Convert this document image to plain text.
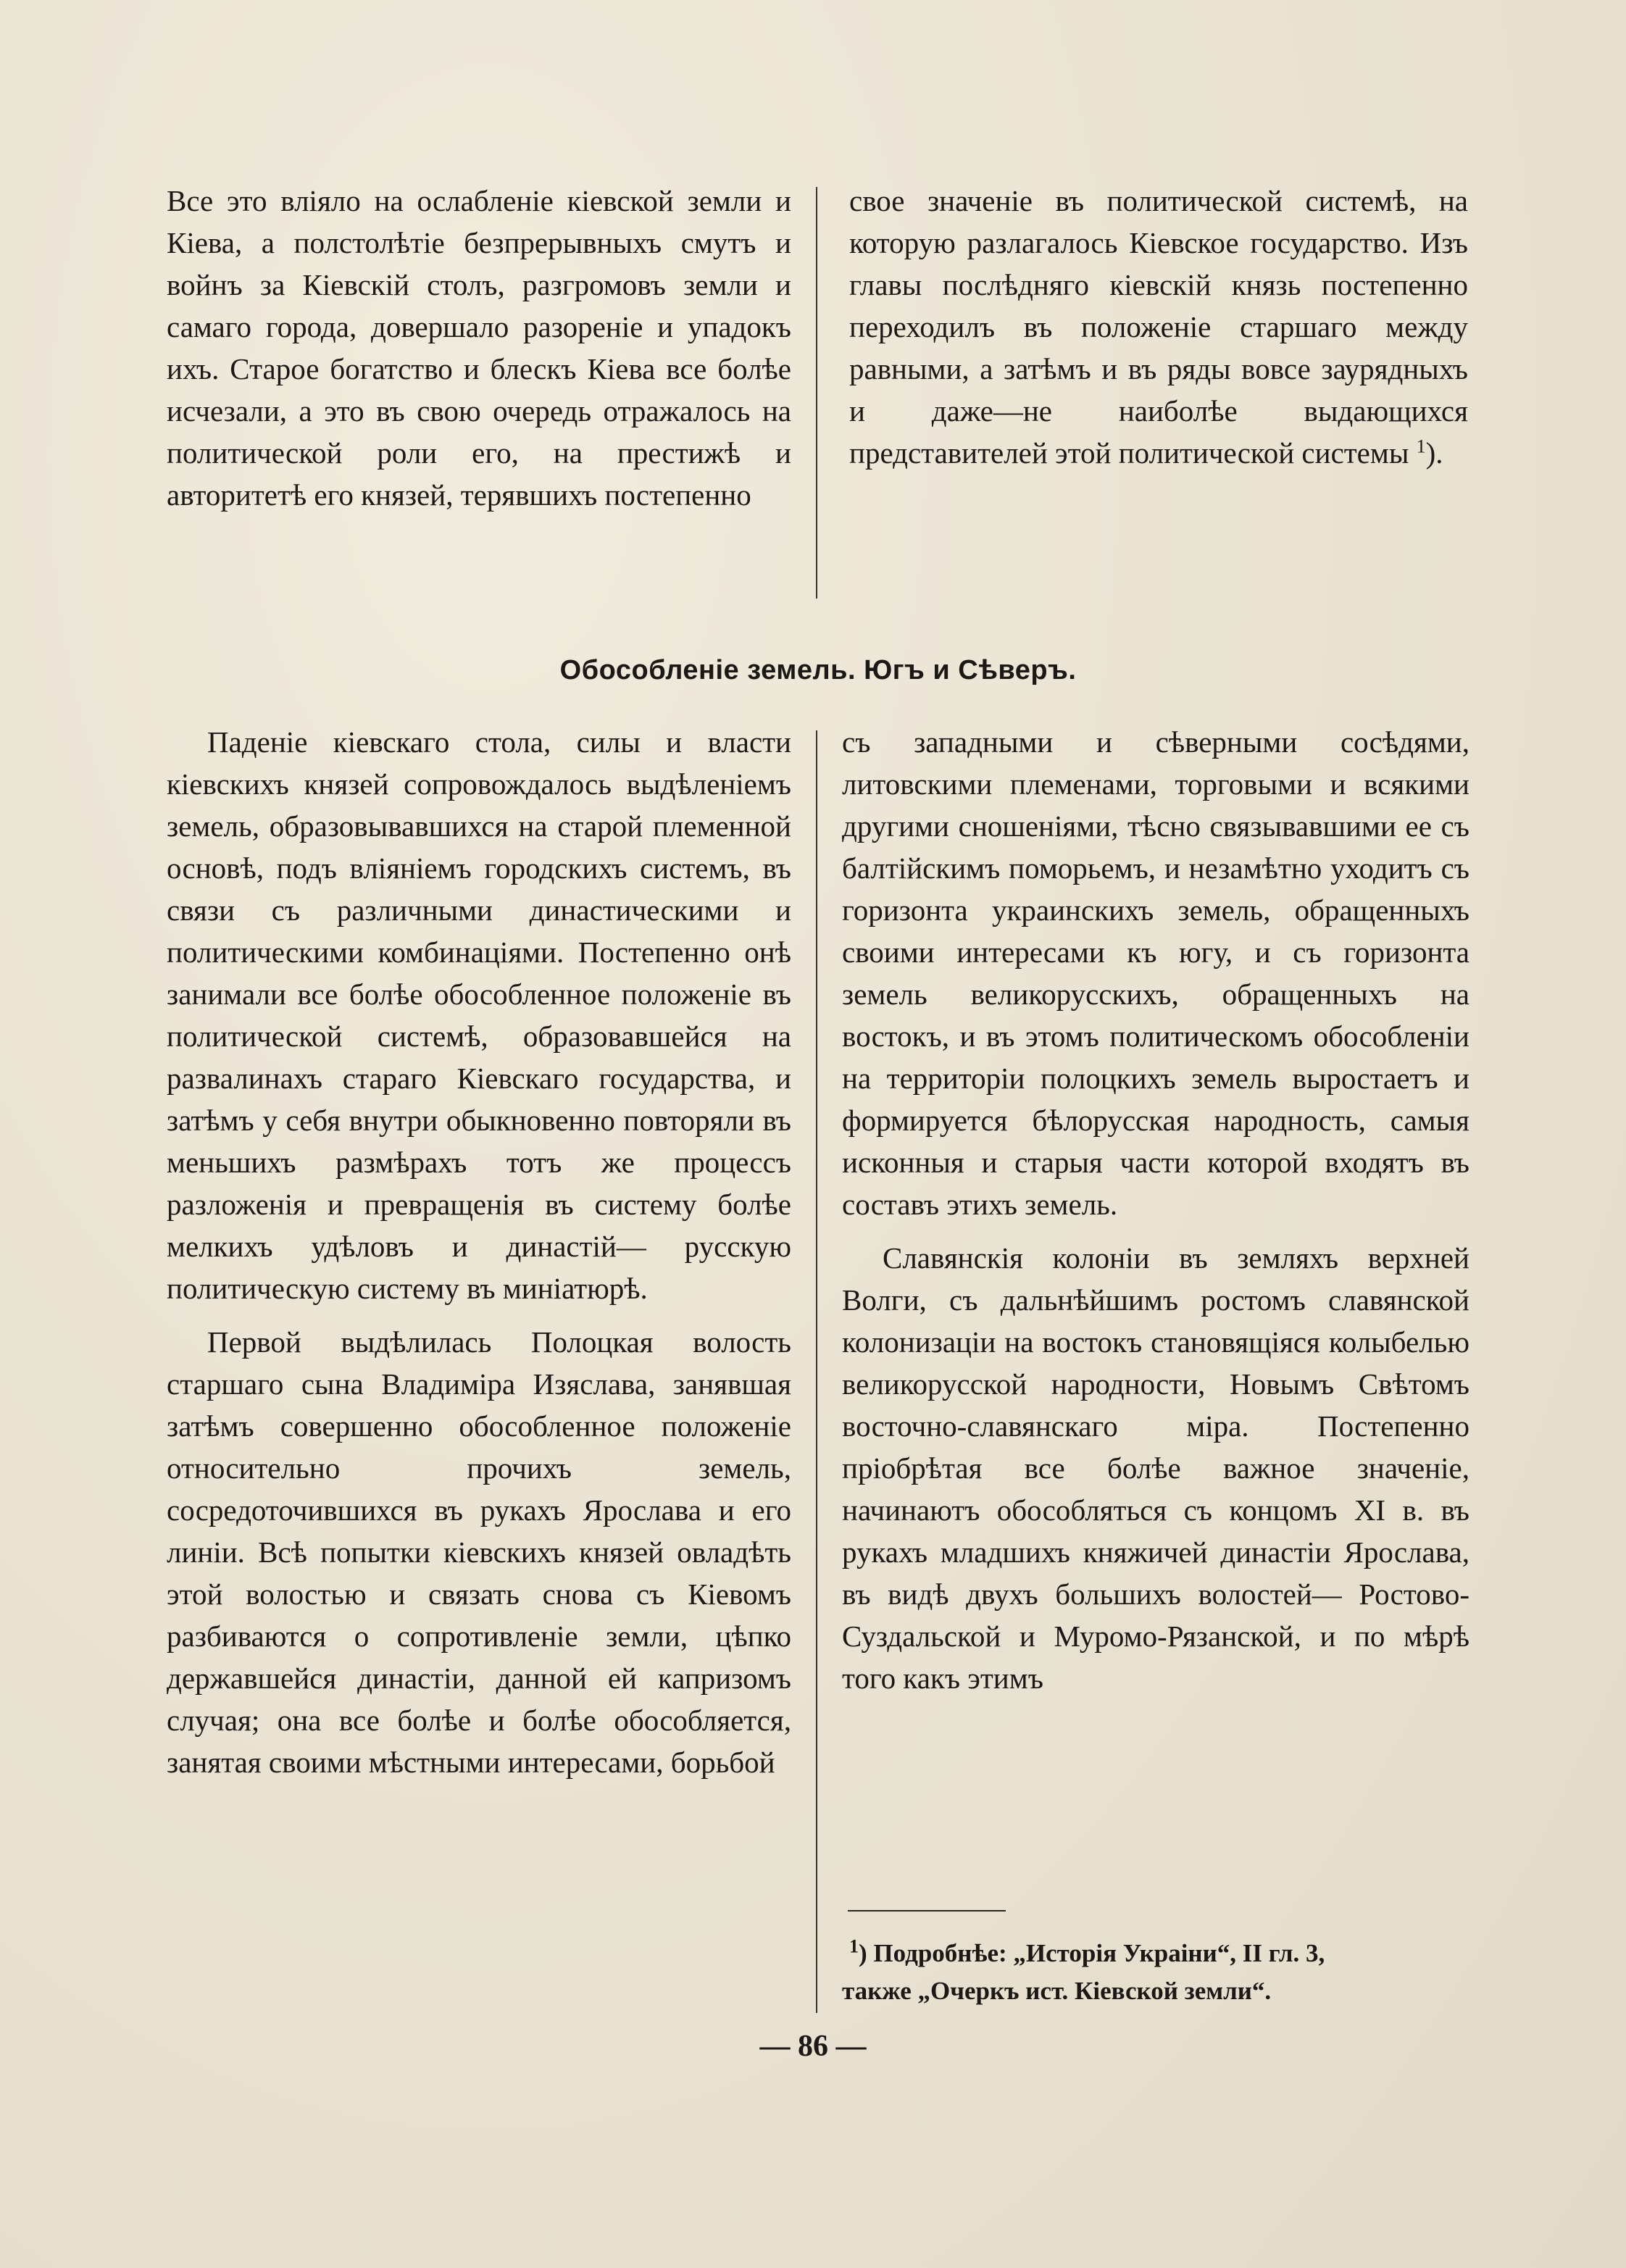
Все это вліяло на ослабленіе кіевской земли и Кіева, а полстолѣтіе безпрерывныхъ смутъ и войнъ за Кіевскій столъ, разгромовъ земли и самаго города, довершало разореніе и упадокъ ихъ. Старое богатство и блескъ Кіева все болѣе исчезали, а это въ свою очередь отражалось на политической роли его, на престижѣ и авторитетѣ его князей, терявшихъ постепенно

свое значеніе въ политической системѣ, на которую разлагалось Кіевское государство. Изъ главы послѣдняго кіевскій князь постепенно переходилъ въ положеніе старшаго между равными, а затѣмъ и въ ряды вовсе заурядныхъ и даже—не наиболѣе выдающихся представителей этой политической системы $^1$).

Обособленіе земель. Югъ и Сѣверъ.

Паденіе кіевскаго стола, силы и власти кіевскихъ князей сопровождалось выдѣленіемъ земель, образовывавшихся на старой племенной основѣ, подъ вліяніемъ городскихъ системъ, въ связи съ различными династическими и политическими комбинаціями. Постепенно онѣ занимали все болѣе обособленное положеніе въ политической системѣ, образовавшейся на развалинахъ стараго Кіевскаго государства, и затѣмъ у себя внутри обыкновенно повторяли въ меньшихъ размѣрахъ тотъ же процессъ разложенія и превращенія въ систему болѣе мелкихъ удѣловъ и династій— русскую политическую систему въ миніатюрѣ.

Первой выдѣлилась Полоцкая волость старшаго сына Владиміра Изяслава, занявшая затѣмъ совершенно обособленное положеніе относительно прочихъ земель, сосредоточившихся въ рукахъ Ярослава и его линіи. Всѣ попытки кіевскихъ князей овладѣть этой волостью и связать снова съ Кіевомъ разбиваются о сопротивленіе земли, цѣпко державшейся династіи, данной ей капризомъ случая; она все болѣе и болѣе обособляется, занятая своими мѣстными интересами, борьбой

съ западными и сѣверными сосѣдями, литовскими племенами, торговыми и всякими другими сношеніями, тѣсно связывавшими ее съ балтійскимъ поморьемъ, и незамѣтно уходитъ съ горизонта украинскихъ земель, обращенныхъ своими интересами къ югу, и съ горизонта земель великорусскихъ, обращенныхъ на востокъ, и въ этомъ политическомъ обособленіи на территоріи полоцкихъ земель выростаетъ и формируется бѣлорусская народность, самыя исконныя и старыя части которой входятъ въ составъ этихъ земель.

Славянскія колоніи въ земляхъ верхней Волги, съ дальнѣйшимъ ростомъ славянской колонизаціи на востокъ становящіяся колыбелью великорусской народности, Новымъ Свѣтомъ восточно-славянскаго міра. Постепенно пріобрѣтая все болѣе важное значеніе, начинаютъ обособляться съ концомъ XI в. въ рукахъ младшихъ княжичей династіи Ярослава, въ видѣ двухъ большихъ волостей— Ростово-Суздальской и Муромо-Рязанской, и по мѣрѣ того какъ этимъ

$^1$) Подробнѣе: „Исторія Украіни“, II гл. 3,

также „Очеркъ ист. Кіевской земли“.

— 86 —
